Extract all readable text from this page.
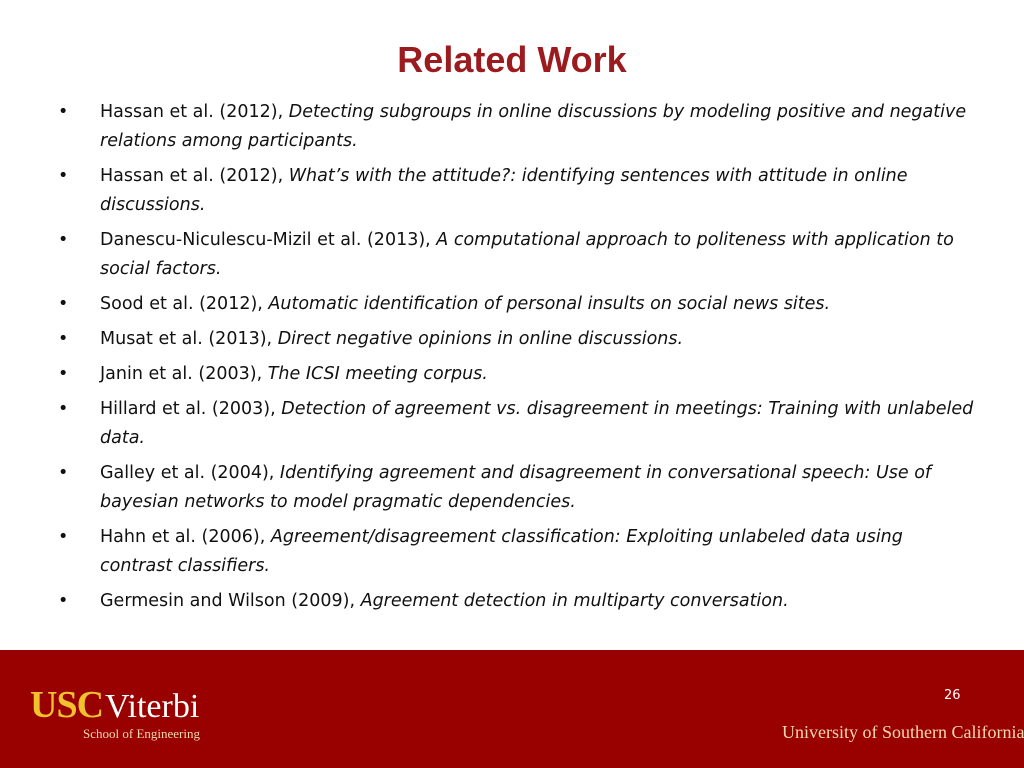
Related Work
• Hassan et al. (2012), Detecting subgroups in online discussions by modeling positive and negative relations among participants.
• Hassan et al. (2012), What’s with the attitude?: identifying sentences with attitude in online discussions.
• Danescu-Niculescu-Mizil et al. (2013), A computational approach to politeness with application to social factors.
• Sood et al. (2012), Automatic identification of personal insults on social news sites.
• Musat et al. (2013), Direct negative opinions in online discussions.
• Janin et al. (2003), The ICSI meeting corpus.
• Hillard et al. (2003), Detection of agreement vs. disagreement in meetings: Training with unlabeled data.
• Galley et al. (2004), Identifying agreement and disagreement in conversational speech: Use of bayesian networks to model pragmatic dependencies.
• Hahn et al. (2006), Agreement/disagreement classification: Exploiting unlabeled data using contrast classifiers.
• Germesin and Wilson (2009), Agreement detection in multiparty conversation.
USCViterbi
School of Engineering
26
University of Southern California
